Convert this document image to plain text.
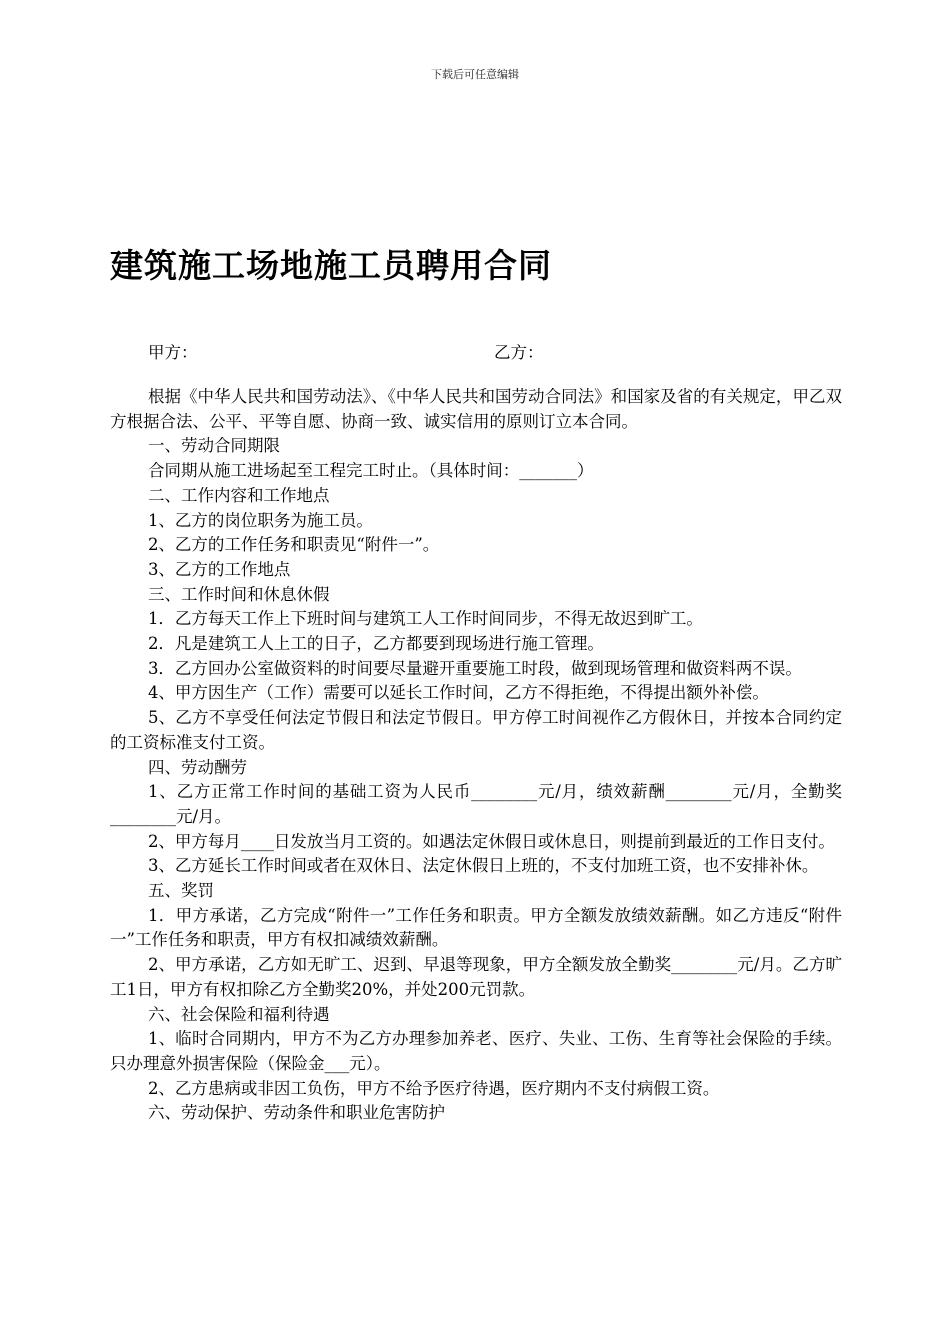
下载后可任意编辑
建筑施工场地施工员聘用合同
甲方：	乙方：

根据《中华人民共和国劳动法》、《中华人民共和国劳动合同法》和国家及省的有关规定，甲乙双方根据合法、公平、平等自愿、协商一致、诚实信用的原则订立本合同。

一、劳动合同期限

合同期从施工进场起至工程完工时止。（具体时间：_______）

二、工作内容和工作地点

1、乙方的岗位职务为施工员。

2、乙方的工作任务和职责见“附件一”。

3、乙方的工作地点

三、工作时间和休息休假

1．乙方每天工作上下班时间与建筑工人工作时间同步，不得无故迟到旷工。

2．凡是建筑工人上工的日子，乙方都要到现场进行施工管理。

3．乙方回办公室做资料的时间要尽量避开重要施工时段，做到现场管理和做资料两不误。

4、甲方因生产（工作）需要可以延长工作时间，乙方不得拒绝，不得提出额外补偿。

5、乙方不享受任何法定节假日和法定节假日。甲方停工时间视作乙方假休日，并按本合同约定的工资标准支付工资。

四、劳动酬劳

1、乙方正常工作时间的基础工资为人民币________元/月，绩效薪酬________元/月，全勤奖________元/月。

2、甲方每月____日发放当月工资的。如遇法定休假日或休息日，则提前到最近的工作日支付。

3、乙方延长工作时间或者在双休日、法定休假日上班的，不支付加班工资，也不安排补休。

五、奖罚

1．甲方承诺，乙方完成“附件一”工作任务和职责。甲方全额发放绩效薪酬。如乙方违反“附件一”工作任务和职责，甲方有权扣减绩效薪酬。

2、甲方承诺，乙方如无旷工、迟到、早退等现象，甲方全额发放全勤奖________元/月。乙方旷工1日，甲方有权扣除乙方全勤奖20%，并处200元罚款。

六、社会保险和福利待遇

1、临时合同期内，甲方不为乙方办理参加养老、医疗、失业、工伤、生育等社会保险的手续。只办理意外损害保险（保险金___元）。

2、乙方患病或非因工负伤，甲方不给予医疗待遇，医疗期内不支付病假工资。

六、劳动保护、劳动条件和职业危害防护
